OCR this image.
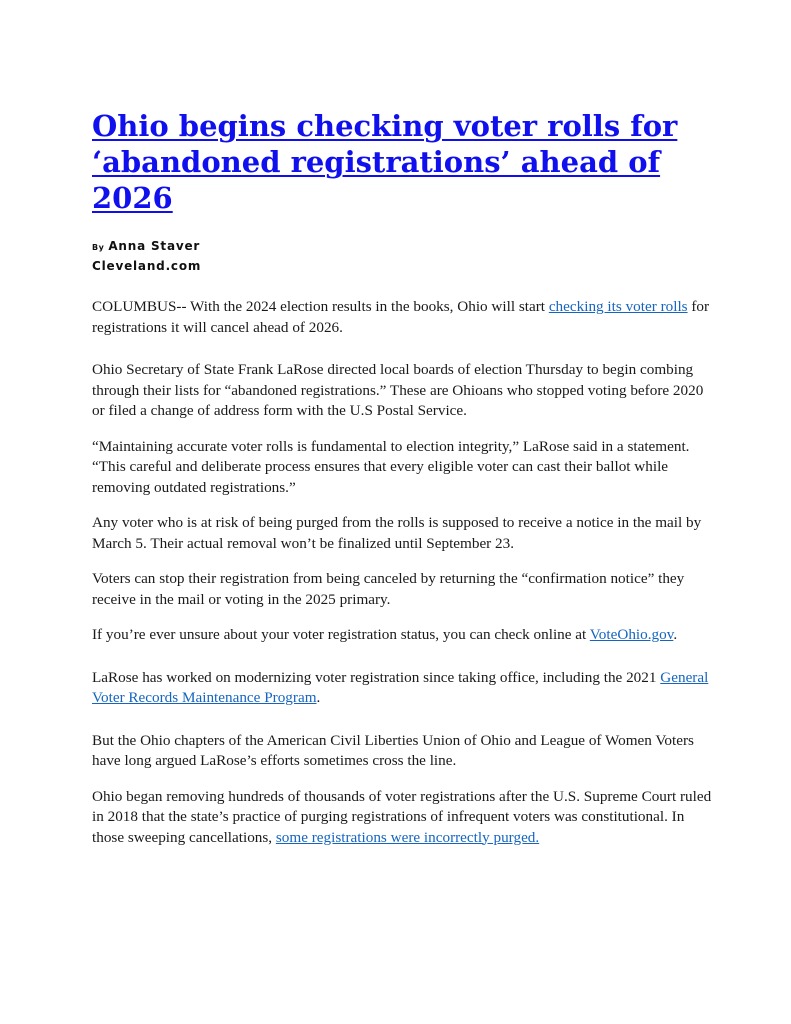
Ohio begins checking voter rolls for ‘abandoned registrations’ ahead of 2026
By Anna Staver
Cleveland.com

COLUMBUS-- With the 2024 election results in the books, Ohio will start checking its voter rolls for registrations it will cancel ahead of 2026.

Ohio Secretary of State Frank LaRose directed local boards of election Thursday to begin combing through their lists for “abandoned registrations.” These are Ohioans who stopped voting before 2020 or filed a change of address form with the U.S Postal Service.

“Maintaining accurate voter rolls is fundamental to election integrity,” LaRose said in a statement. “This careful and deliberate process ensures that every eligible voter can cast their ballot while removing outdated registrations.”

Any voter who is at risk of being purged from the rolls is supposed to receive a notice in the mail by March 5. Their actual removal won’t be finalized until September 23.

Voters can stop their registration from being canceled by returning the “confirmation notice” they receive in the mail or voting in the 2025 primary.

If you’re ever unsure about your voter registration status, you can check online at VoteOhio.gov.

LaRose has worked on modernizing voter registration since taking office, including the 2021 General Voter Records Maintenance Program.

But the Ohio chapters of the American Civil Liberties Union of Ohio and League of Women Voters have long argued LaRose’s efforts sometimes cross the line.

Ohio began removing hundreds of thousands of voter registrations after the U.S. Supreme Court ruled in 2018 that the state’s practice of purging registrations of infrequent voters was constitutional. In those sweeping cancellations, some registrations were incorrectly purged.
